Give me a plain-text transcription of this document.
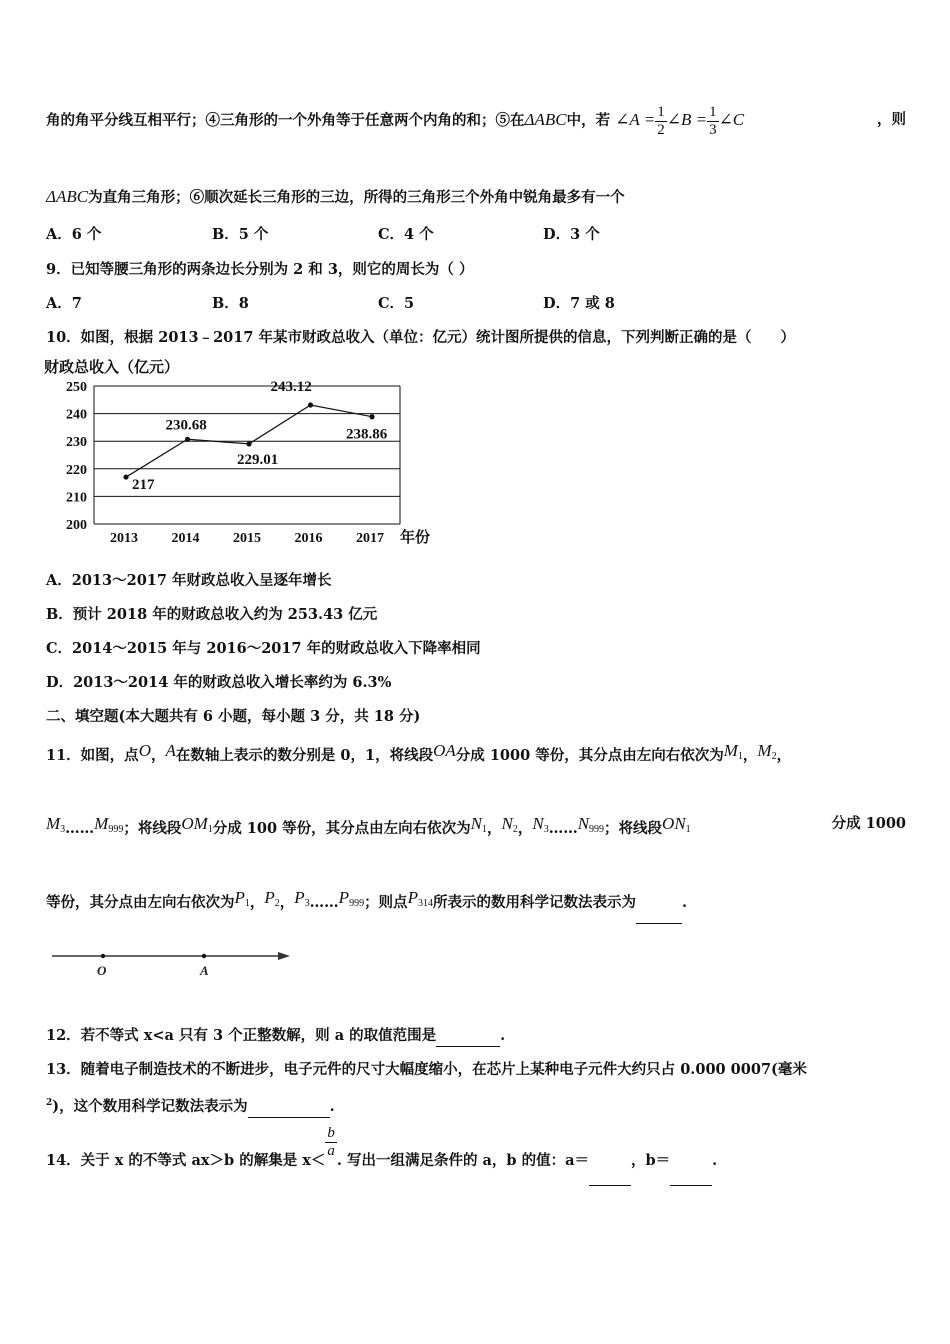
角的角平分线互相平行；④三角形的一个外角等于任意两个内角的和；⑤在ΔABC中，若 ∠A = $\frac{1}{2}$ ∠B = $\frac{1}{3}$ ∠C	，则
ΔABC为直角三角形；⑥顺次延长三角形的三边，所得的三角形三个外角中锐角最多有一个
A．6 个	B．5 个	C．4 个	D．3 个
9．已知等腰三角形的两条边长分别为 2 和 3，则它的周长为（ ）
A．7	B．8	C．5	D．7 或 8
10．如图，根据 2013﹣2017 年某市财政总收入（单位：亿元）统计图所提供的信息，下列判断正确的是（　　）
财政总收入（亿元）
200
210
220
230
240
250
2013 2014 2015 2016 2017
217
230.68
229.01
243.12
238.86
年份
A．2013～2017 年财政总收入呈逐年增长
B．预计 2018 年的财政总收入约为 253.43 亿元
C．2014～2015 年与 2016～2017 年的财政总收入下降率相同
D．2013～2014 年的财政总收入增长率约为 6.3%
二、填空题(本大题共有 6 小题，每小题 3 分，共 18 分)
11．如图，点O，A在数轴上表示的数分别是 0，1，将线段OA分成 1000 等份，其分点由左向右依次为$M_1$，$M_2$，
$M_3\dots\dots M_{999}$；将线段$OM_1$分成 100 等份，其分点由左向右依次为$N_1$，$N_2$，$N_3\dots\dots N_{999}$；将线段$ON_1$	分成 1000
等份，其分点由左向右依次为$P_1$，$P_2$，$P_3\dots\dots P_{999}$；则点$P_{314}$所表示的数用科学记数法表示为	.
O	A
12．若不等式 x<a 只有 3 个正整数解，则 a 的取值范围是	.
13．随着电子制造技术的不断进步，电子元件的尺寸大幅度缩小，在芯片上某种电子元件大约只占 0.000 0007(毫米
$^2$)，这个数用科学记数法表示为	.
14．关于 x 的不等式 ax＞b 的解集是 x＜
$\frac{b}{a}$
. 写出一组满足条件的 a，b 的值：a＝	，b＝	.
